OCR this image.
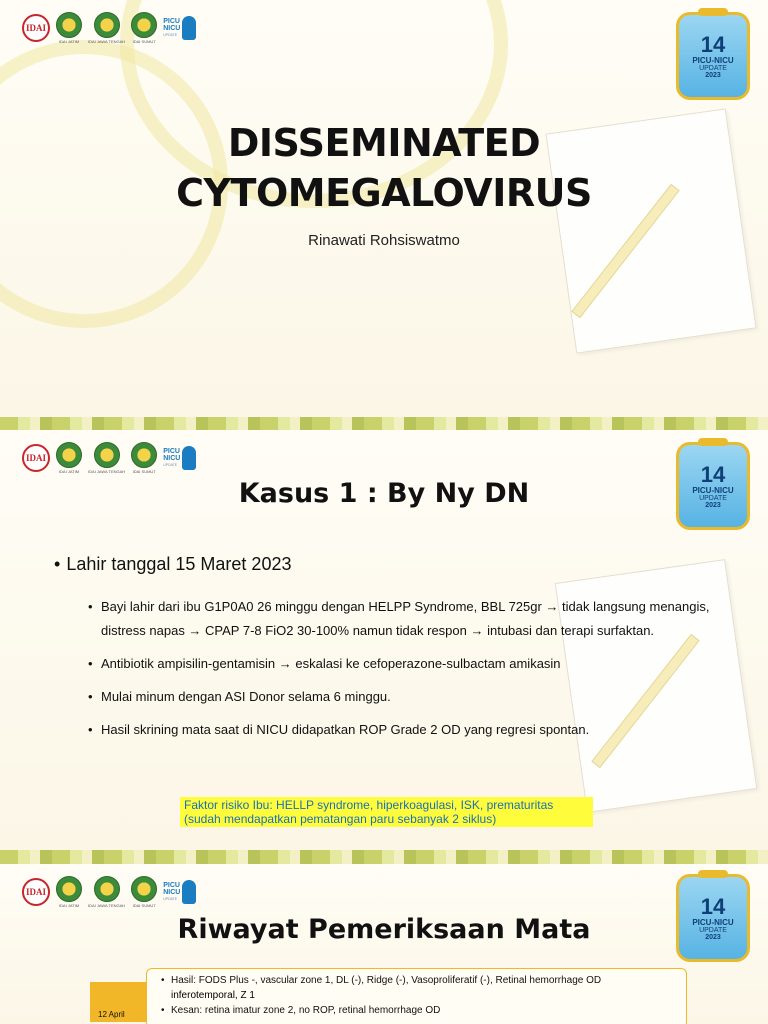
IDAI
IDAI JATIM IDAI JAWA TENGAH IDAI SUMUT
PICU
NICU
UPDATE	14
PICU-NICU
UPDATE
2023
DISSEMINATED
CYTOMEGALOVIRUS
Rinawati Rohsiswatmo
IDAI
IDAI JATIM IDAI JAWA TENGAH IDAI SUMUT
PICU
NICU
UPDATE	14
PICU-NICU
UPDATE
2023
Kasus 1 : By Ny DN
• Lahir tanggal 15 Maret 2023
• Bayi lahir dari ibu G1P0A0 26 minggu dengan HELPP Syndrome, BBL 725gr → tidak langsung menangis, distress napas → CPAP 7-8 FiO2 30-100% namun tidak respon → intubasi dan terapi surfaktan.
• Antibiotik ampisilin-gentamisin → eskalasi ke cefoperazone-sulbactam amikasin
• Mulai minum dengan ASI Donor selama 6 minggu.
• Hasil skrining mata saat di NICU didapatkan ROP Grade 2 OD yang regresi spontan.
Faktor risiko Ibu: HELLP syndrome, hiperkoagulasi, ISK, prematuritas
(sudah mendapatkan pematangan paru sebanyak 2 siklus)
IDAI
IDAI JATIM IDAI JAWA TENGAH IDAI SUMUT
PICU
NICU
UPDATE	14
PICU-NICU
UPDATE
2023
Riwayat Pemeriksaan Mata
12 April
• Hasil: FODS Plus -, vascular zone 1, DL (-), Ridge (-), Vasoproliferatif (-), Retinal hemorrhage OD
inferotemporal, Z 1
• Kesan: retina imatur zone 2, no ROP, retinal hemorrhage OD
